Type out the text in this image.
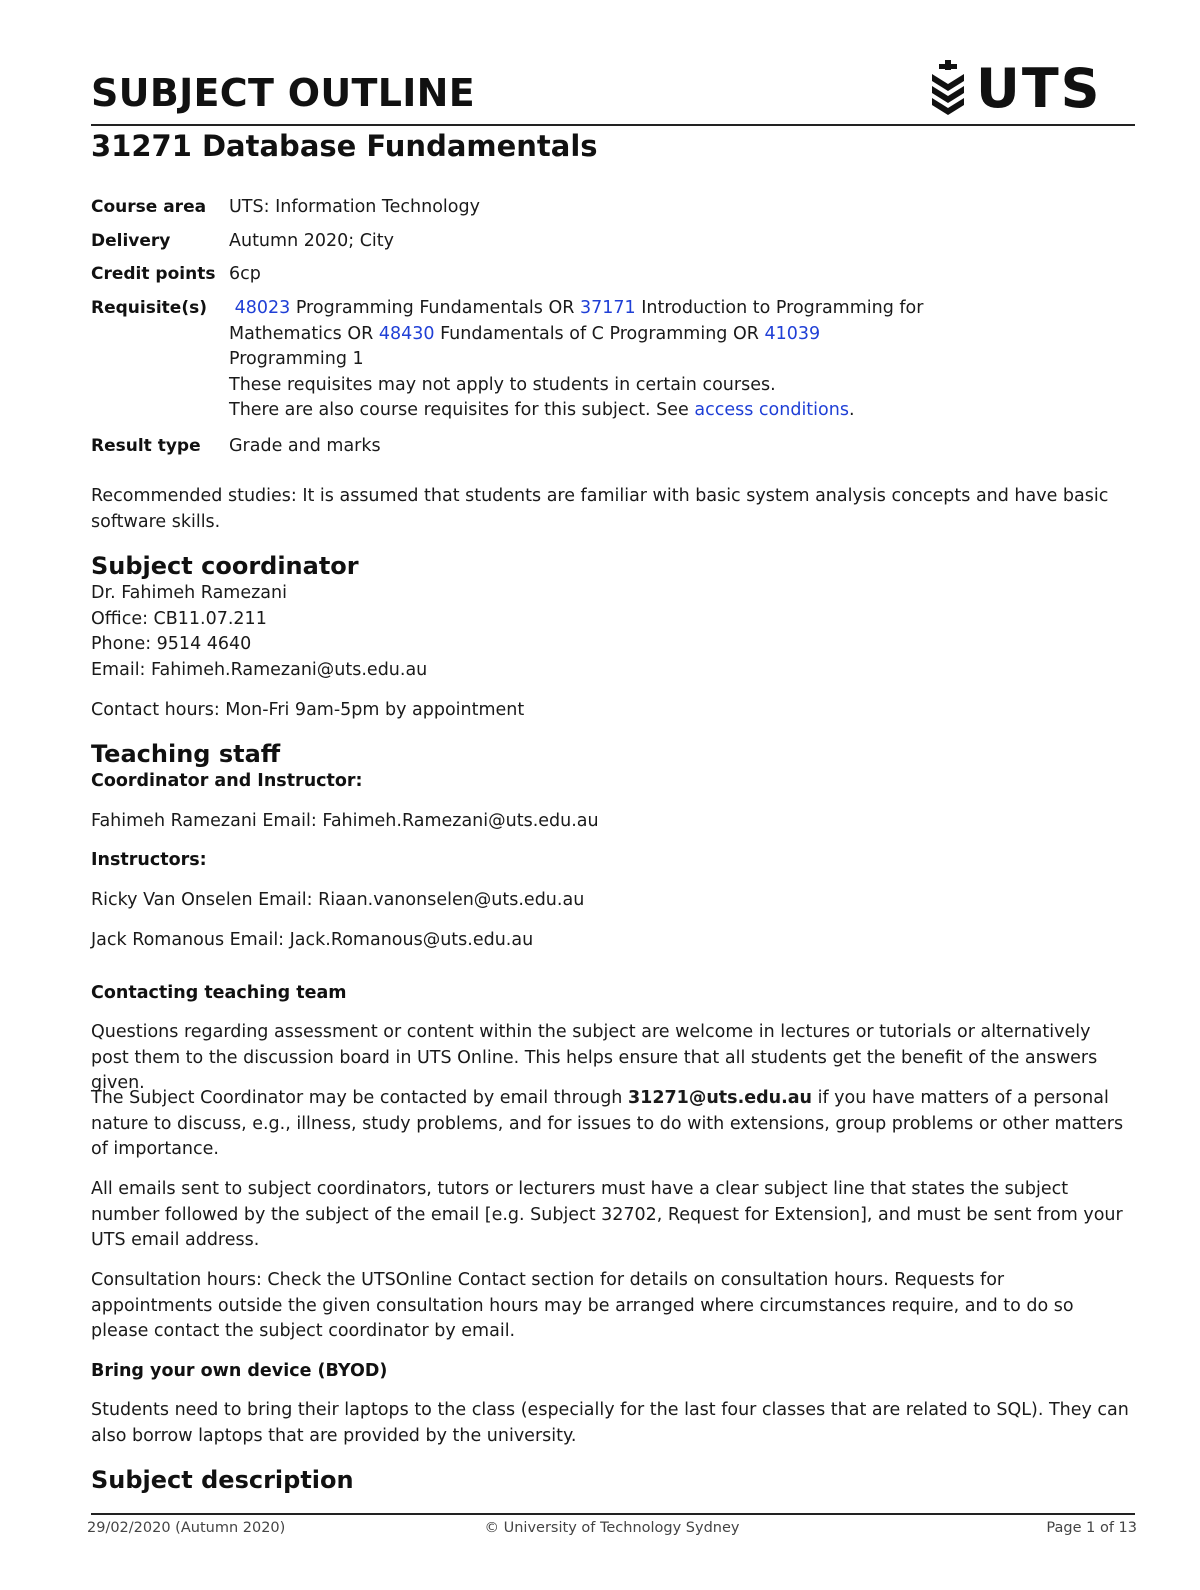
SUBJECT OUTLINE	UTS
31271 Database Fundamentals
Course area	UTS: Information Technology
Delivery	Autumn 2020; City
Credit points 6cp
Requisite(s)	48023 Programming Fundamentals OR 37171 Introduction to Programming for
Mathematics OR 48430 Fundamentals of C Programming OR 41039
Programming 1
These requisites may not apply to students in certain courses.
There are also course requisites for this subject. See access conditions.
Result type	Grade and marks

Recommended studies: It is assumed that students are familiar with basic system analysis concepts and have basic software skills.

Subject coordinator
Dr. Fahimeh Ramezani
Office: CB11.07.211
Phone: 9514 4640
Email: Fahimeh.Ramezani@uts.edu.au

Contact hours: Mon-Fri 9am-5pm by appointment

Teaching staff
Coordinator and Instructor:

Fahimeh Ramezani Email: Fahimeh.Ramezani@uts.edu.au

Instructors:

Ricky Van Onselen Email: Riaan.vanonselen@uts.edu.au

Jack Romanous Email: Jack.Romanous@uts.edu.au

Contacting teaching team

Questions regarding assessment or content within the subject are welcome in lectures or tutorials or alternatively post them to the discussion board in UTS Online. This helps ensure that all students get the benefit of the answers given.

The Subject Coordinator may be contacted by email through 31271@uts.edu.au if you have matters of a personal nature to discuss, e.g., illness, study problems, and for issues to do with extensions, group problems or other matters of importance.

All emails sent to subject coordinators, tutors or lecturers must have a clear subject line that states the subject number followed by the subject of the email [e.g. Subject 32702, Request for Extension], and must be sent from your UTS email address.

Consultation hours: Check the UTSOnline Contact section for details on consultation hours. Requests for appointments outside the given consultation hours may be arranged where circumstances require, and to do so please contact the subject coordinator by email.

Bring your own device (BYOD)

Students need to bring their laptops to the class (especially for the last four classes that are related to SQL). They can also borrow laptops that are provided by the university.

Subject description
29/02/2020 (Autumn 2020)	© University of Technology Sydney	Page 1 of 13
